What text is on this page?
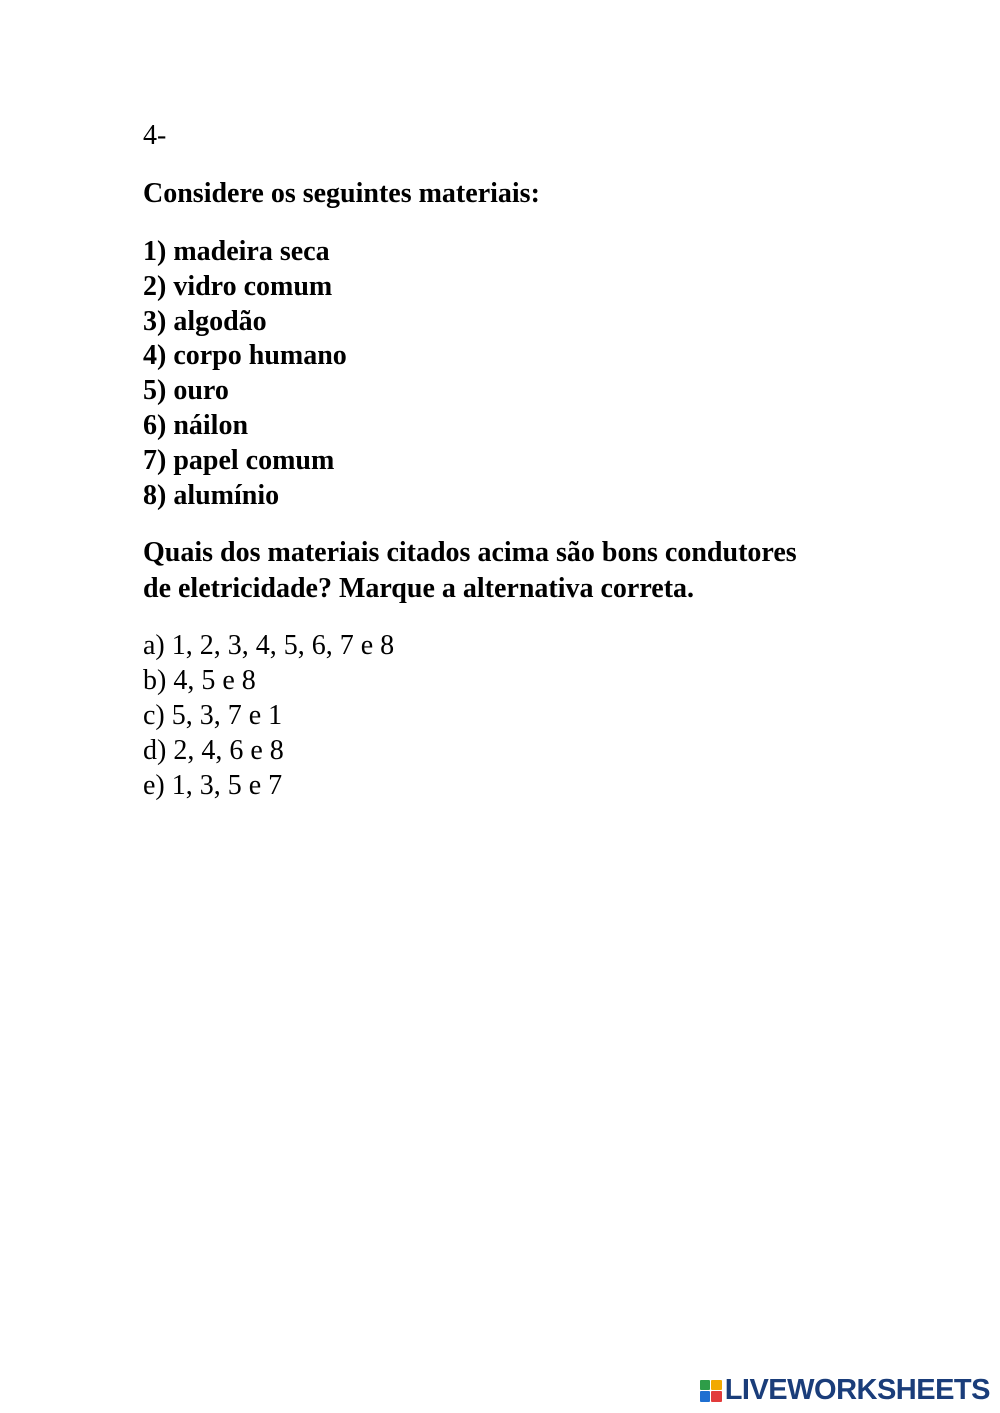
4-

Considere os seguintes materiais:

1) madeira seca
2) vidro comum
3) algodão
4) corpo humano
5) ouro
6) náilon
7) papel comum
8) alumínio

Quais dos materiais citados acima são bons condutores
de eletricidade? Marque a alternativa correta.

a) 1, 2, 3, 4, 5, 6, 7 e 8
b) 4, 5 e 8
c) 5, 3, 7 e 1
d) 2, 4, 6 e 8
e) 1, 3, 5 e 7
LIVEWORKSHEETS
